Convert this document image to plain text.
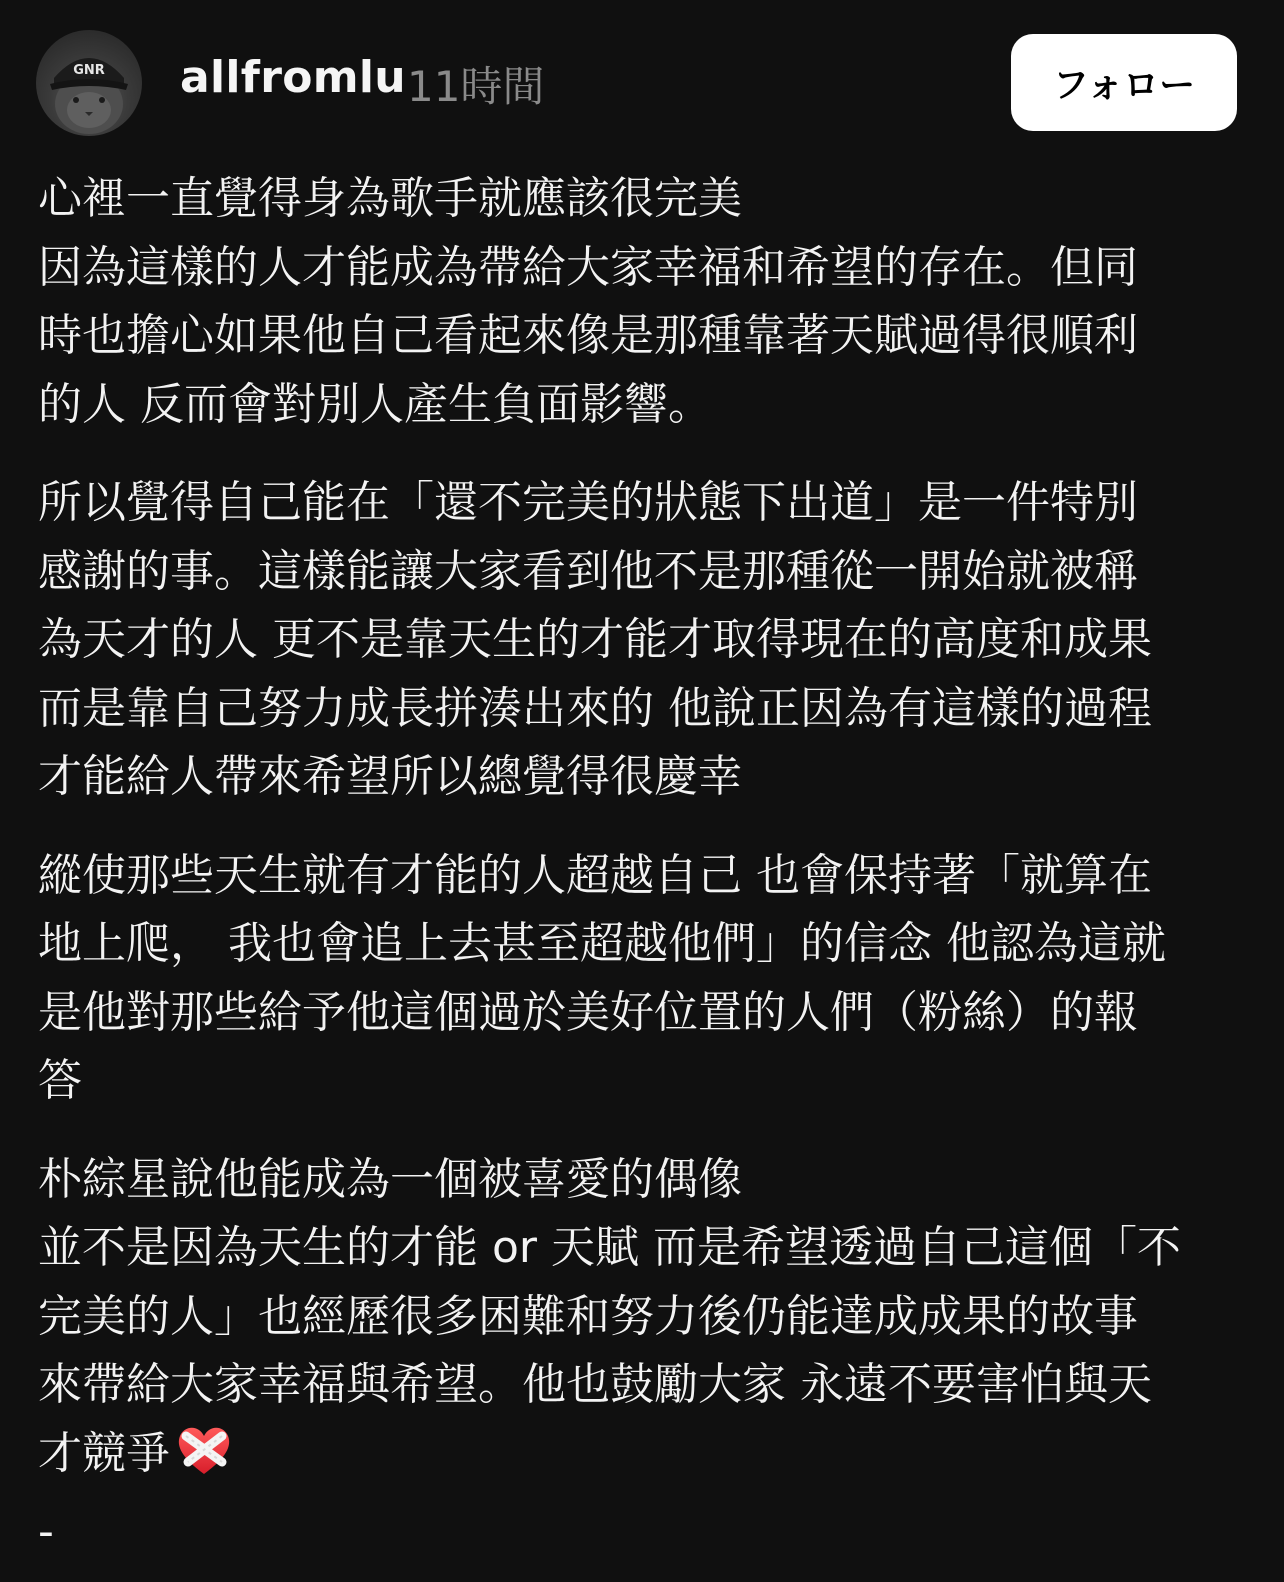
GNR allfromlu 11時間	フォロー

心裡一直覺得身為歌手就應該很完美
因為這樣的人才能成為帶給大家幸福和希望的存在。但同
時也擔心如果他自己看起來像是那種靠著天賦過得很順利
的人 反而會對別人產生負面影響。

所以覺得自己能在「還不完美的狀態下出道」是一件特別
感謝的事。這樣能讓大家看到他不是那種從一開始就被稱
為天才的人 更不是靠天生的才能才取得現在的高度和成果
而是靠自己努力成長拼湊出來的 他說正因為有這樣的過程
才能給人帶來希望所以總覺得很慶幸

縱使那些天生就有才能的人超越自己 也會保持著「就算在
地上爬， 我也會追上去甚至超越他們」的信念 他認為這就
是他對那些給予他這個過於美好位置的人們（粉絲）的報
答

朴綜星說他能成為一個被喜愛的偶像
並不是因為天生的才能 or 天賦 而是希望透過自己這個「不
完美的人」也經歷很多困難和努力後仍能達成成果的故事
來帶給大家幸福與希望。他也鼓勵大家 永遠不要害怕與天
才競爭

-
